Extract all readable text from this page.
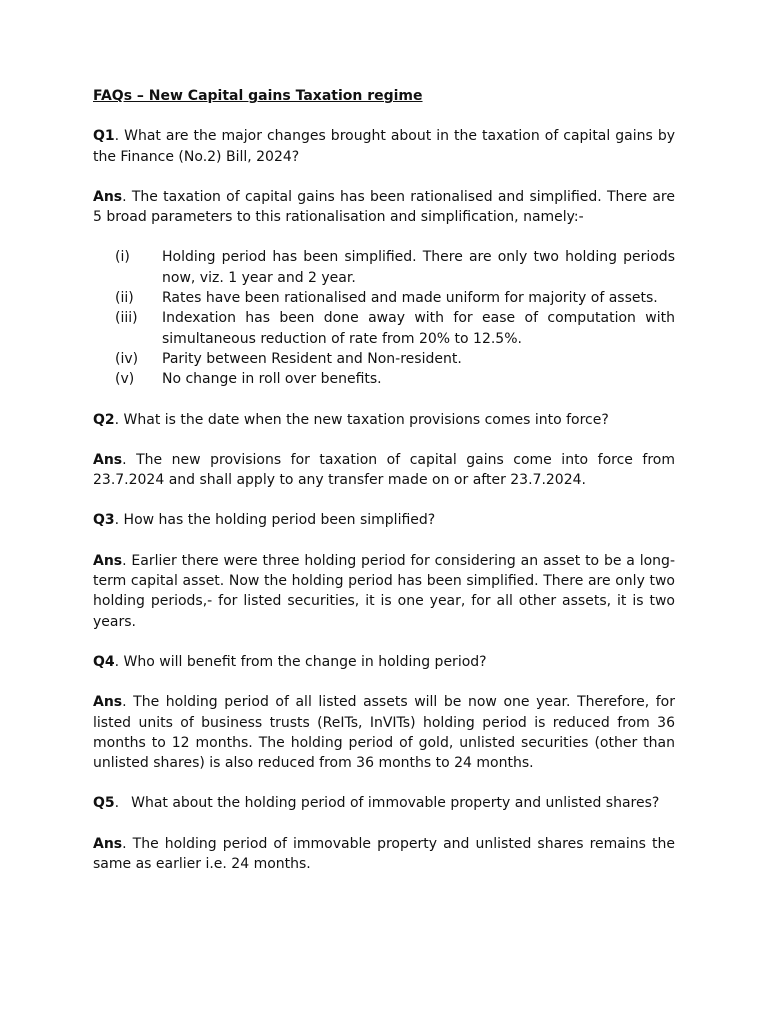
FAQs – New Capital gains Taxation regime

Q1. What are the major changes brought about in the taxation of capital gains by the Finance (No.2) Bill, 2024?

Ans. The taxation of capital gains has been rationalised and simplified. There are 5 broad parameters to this rationalisation and simplification, namely:-

(i)	Holding period has been simplified. There are only two holding periods now, viz. 1 year and 2 year.
(ii)	Rates have been rationalised and made uniform for majority of assets.
(iii)	Indexation has been done away with for ease of computation with simultaneous reduction of rate from 20% to 12.5%.
(iv)	Parity between Resident and Non-resident.
(v)	No change in roll over benefits.

Q2. What is the date when the new taxation provisions comes into force?

Ans. The new provisions for taxation of capital gains come into force from 23.7.2024 and shall apply to any transfer made on or after 23.7.2024.

Q3. How has the holding period been simplified?

Ans. Earlier there were three holding period for considering an asset to be a long-term capital asset. Now the holding period has been simplified. There are only two holding periods,- for listed securities, it is one year, for all other assets, it is two years.

Q4. Who will benefit from the change in holding period?

Ans. The holding period of all listed assets will be now one year. Therefore, for listed units of business trusts (ReITs, InVITs) holding period is reduced from 36 months to 12 months. The holding period of gold, unlisted securities (other than unlisted shares) is also reduced from 36 months to 24 months.

Q5. What about the holding period of immovable property and unlisted shares?

Ans. The holding period of immovable property and unlisted shares remains the same as earlier i.e. 24 months.
